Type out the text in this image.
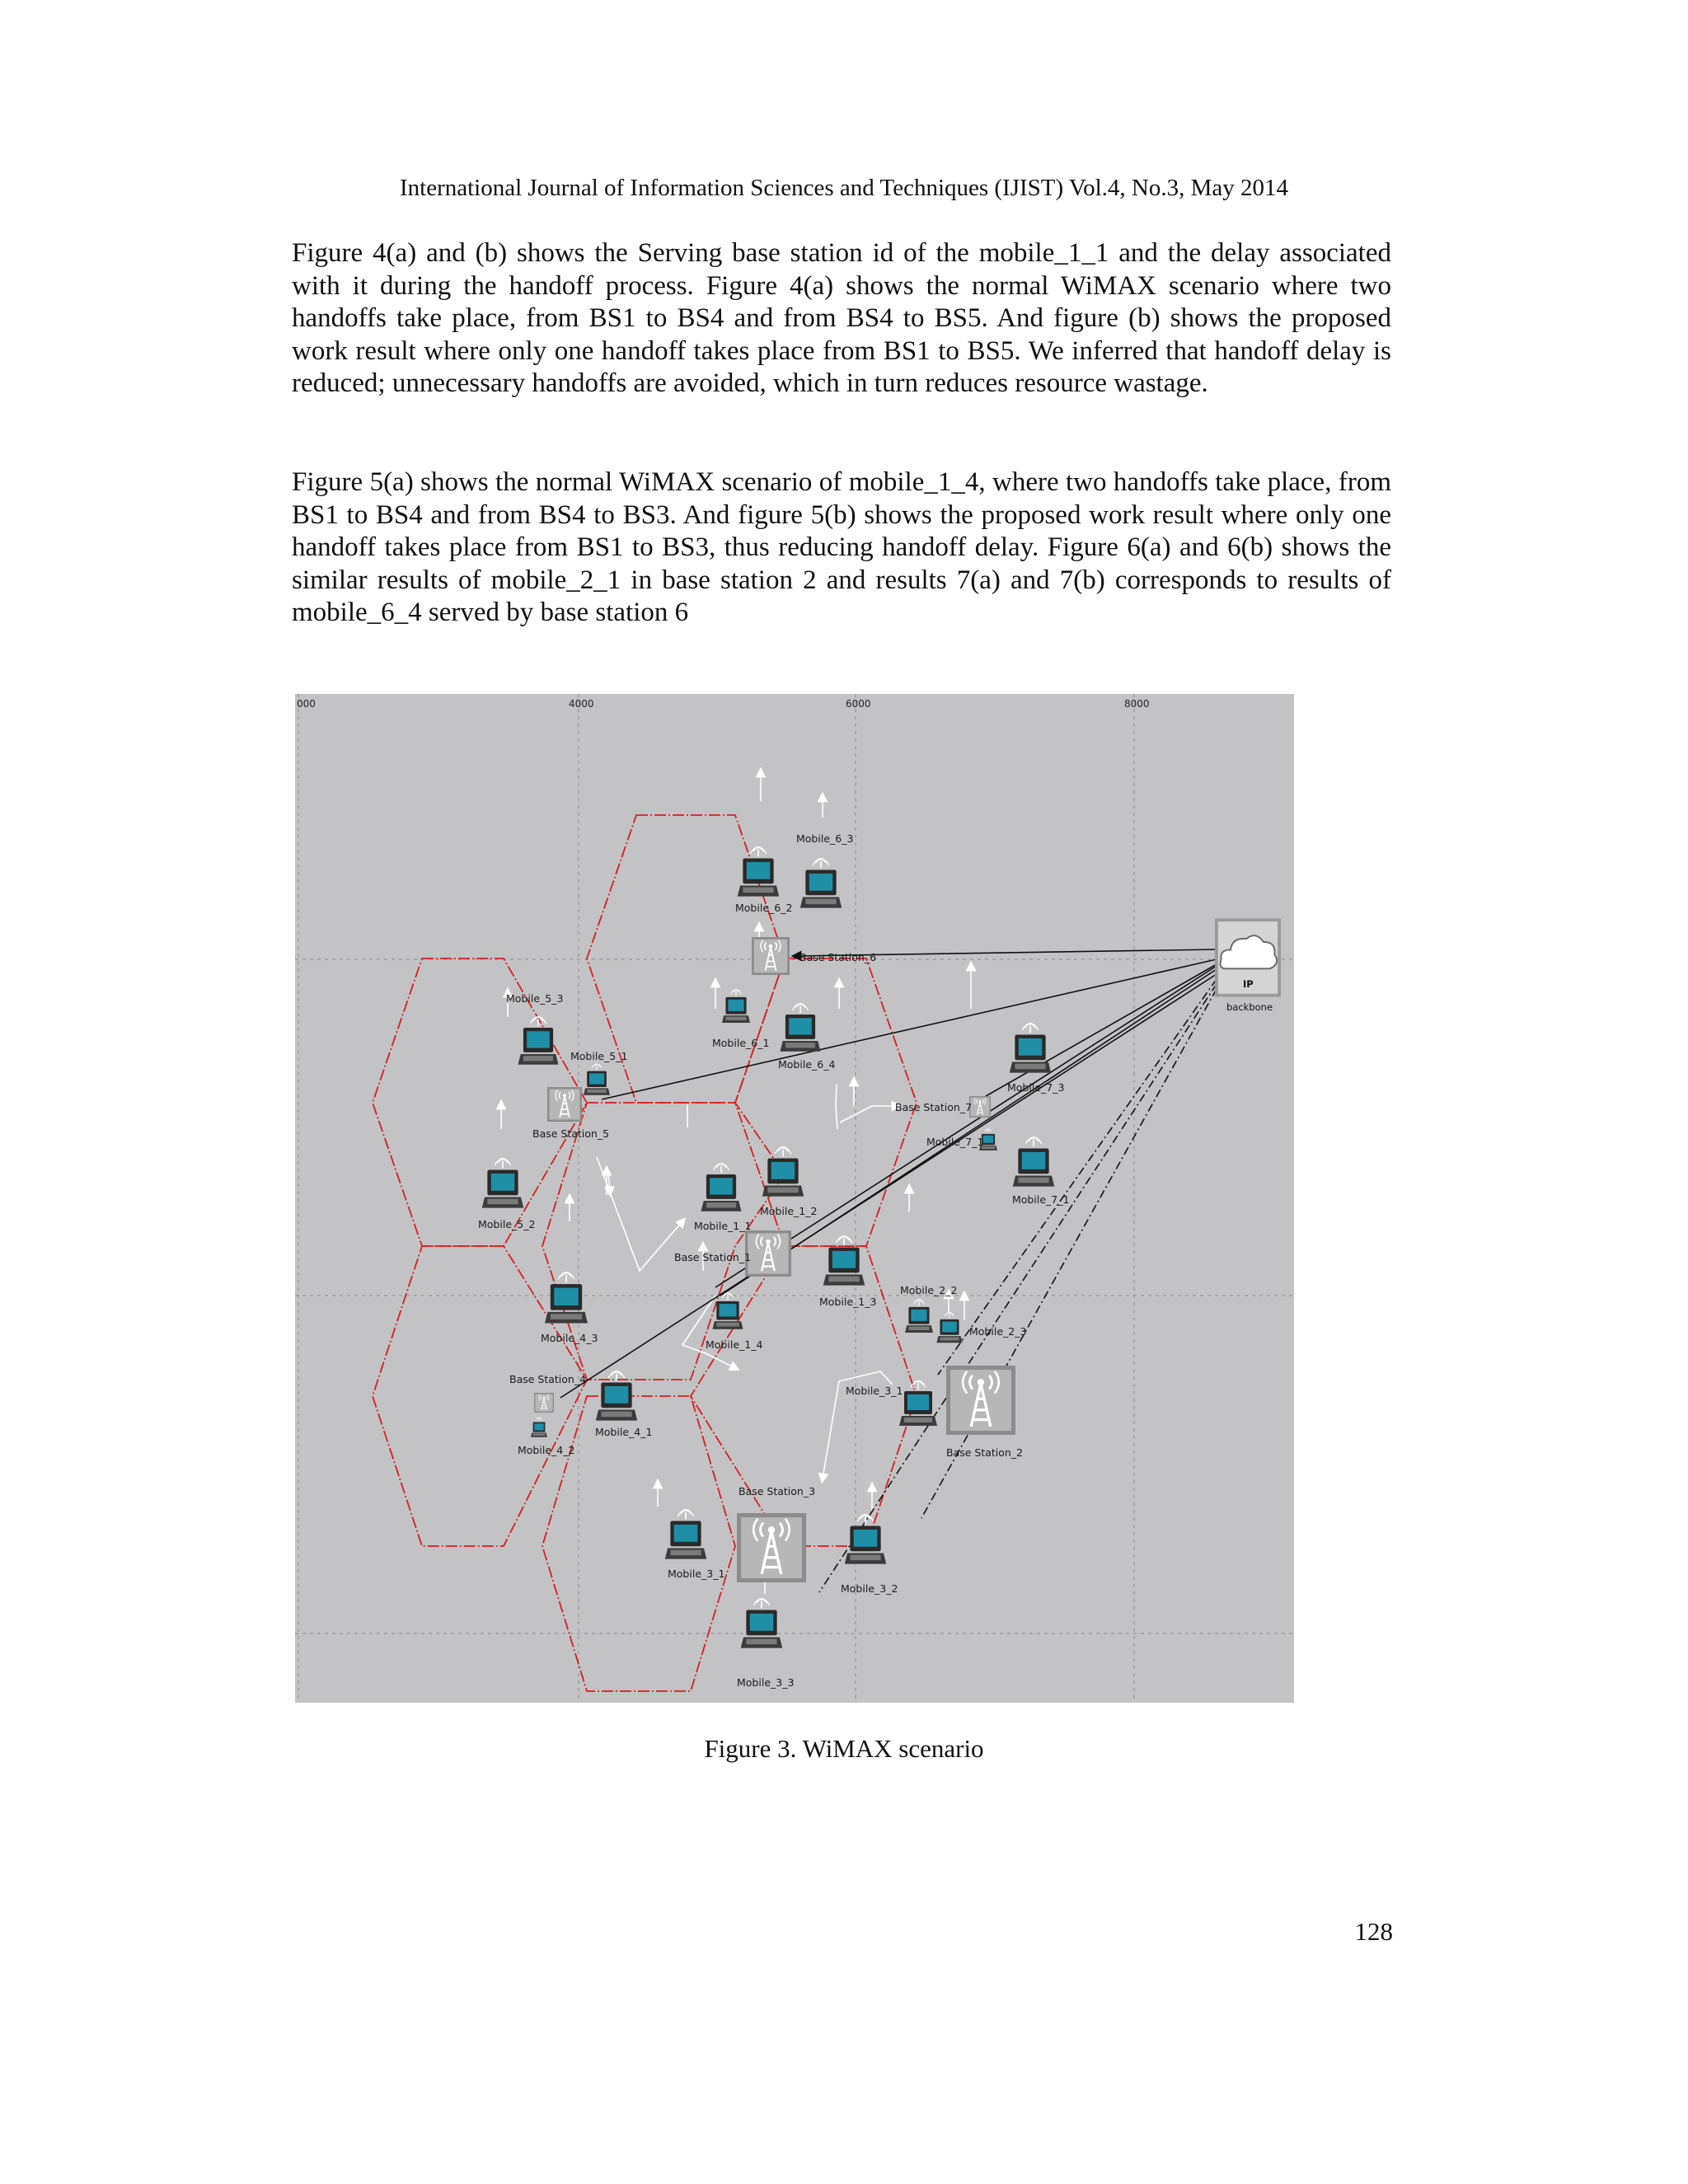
International Journal of Information Sciences and Techniques (IJIST) Vol.4, No.3, May 2014

Figure 4(a) and (b) shows the Serving base station id of the mobile_1_1 and the delay associated with it during the handoff process. Figure 4(a) shows the normal WiMAX scenario where two handoffs take place, from BS1 to BS4 and from BS4 to BS5. And figure (b) shows the proposed work result where only one handoff takes place from BS1 to BS5. We inferred that handoff delay is reduced; unnecessary handoffs are avoided, which in turn reduces resource wastage.

Figure 5(a) shows the normal WiMAX scenario of mobile_1_4, where two handoffs take place, from BS1 to BS4 and from BS4 to BS3. And figure 5(b) shows the proposed work result where only one handoff takes place from BS1 to BS3, thus reducing handoff delay. Figure 6(a) and 6(b) shows the similar results of mobile_2_1 in base station 2 and results 7(a) and 7(b) corresponds to results of mobile_6_4 served by base station 6

000	4000	6000	8000
IP
backbone
Base Station_6
Base Station_5
Base Station_7
Base Station_1
Base Station_2
Base Station_3
Base Station_4
Mobile_6_2
Mobile_6_3
Mobile_6_1
Mobile_6_4
Mobile_5_3
Mobile_5_1
Mobile_5_2
Mobile_7_3
Mobile_7_1
Mobile_7_1
Mobile_1_1
Mobile_1_2
Mobile_1_3
Mobile_1_4
Mobile_4_3
Mobile_4_1
Mobile_4_2
Mobile_2_2
Mobile_2_3
Mobile_3_1
Mobile_3_1
Mobile_3_2
Mobile_3_3
Figure 3. WiMAX scenario
128
